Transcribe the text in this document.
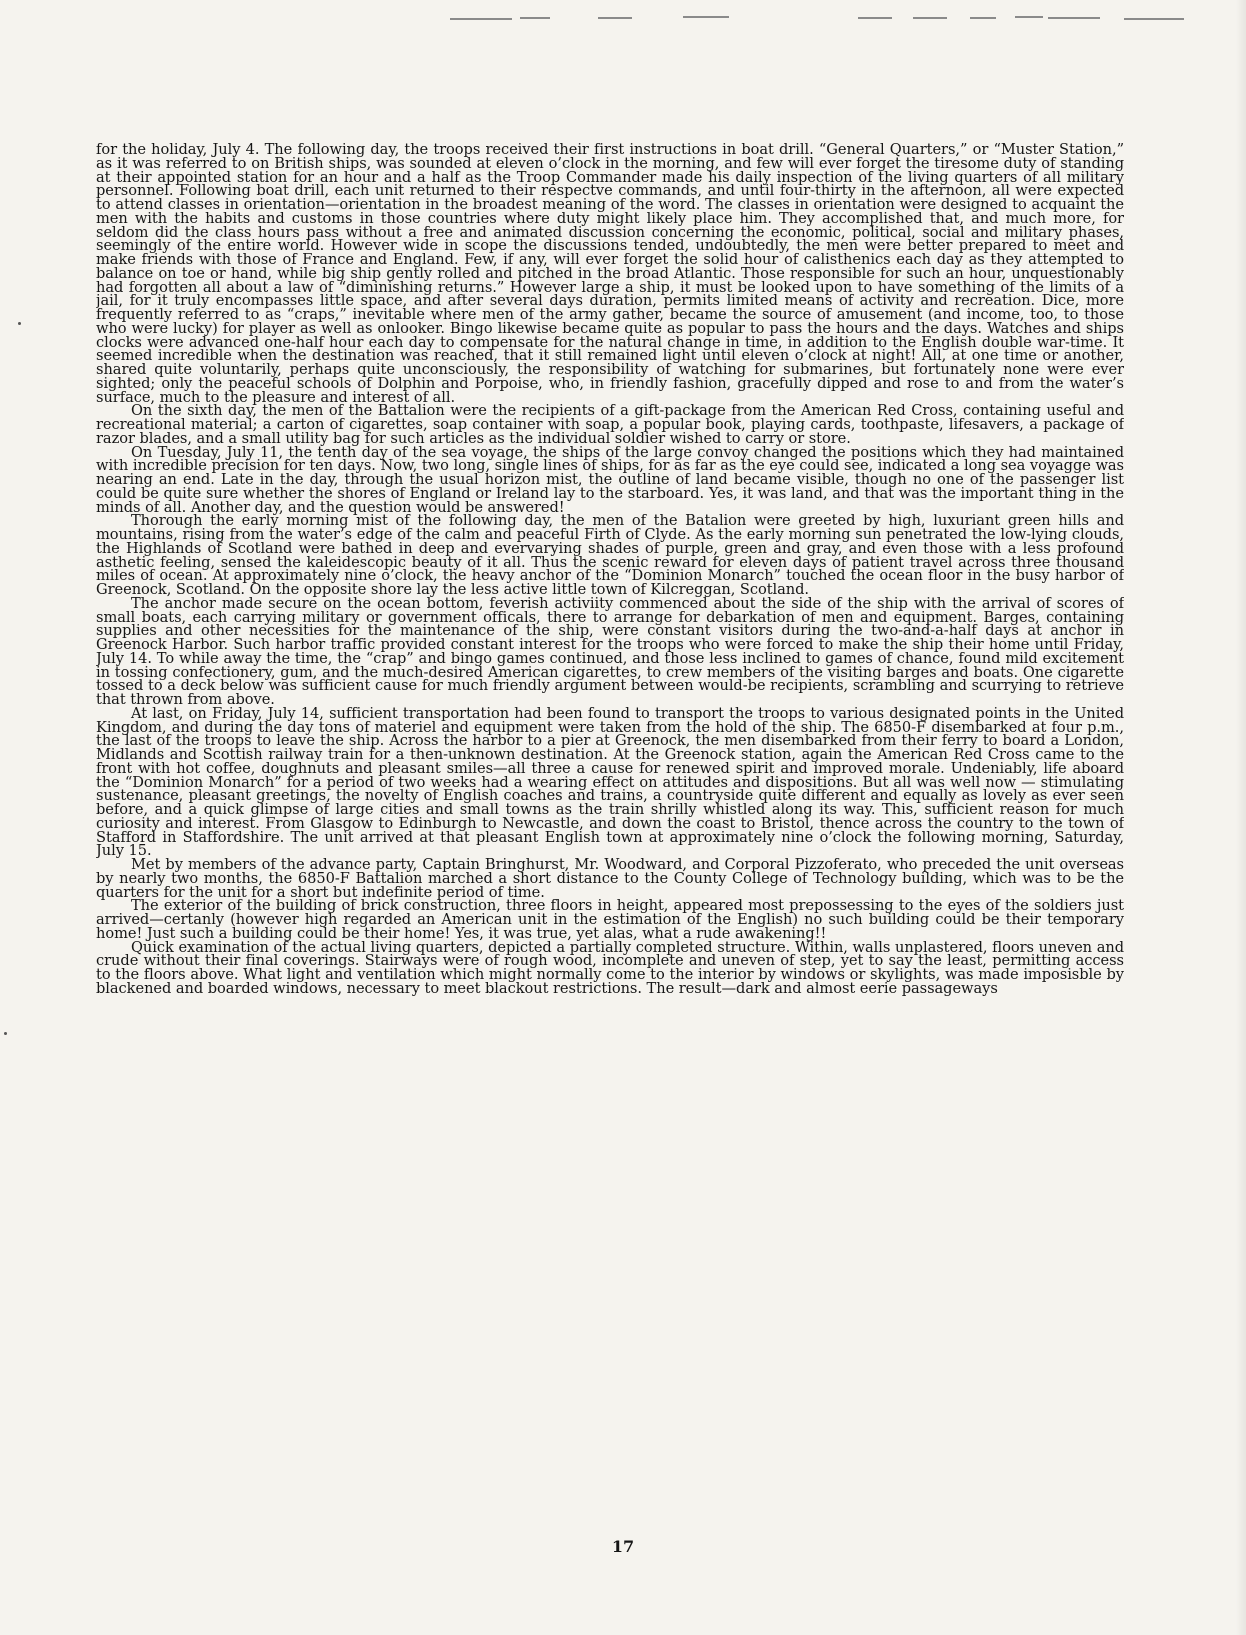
for the holiday, July 4. The following day, the troops received their first instructions in boat drill. “General Quarters,” or “Muster Station,” as it was referred to on British ships, was sounded at eleven o’clock in the morning, and few will ever forget the tiresome duty of standing at their appointed station for an hour and a half as the Troop Commander made his daily inspection of the living quarters of all military personnel. Following boat drill, each unit returned to their respectve commands, and until four-thirty in the afternoon, all were expected to attend classes in orientation—orientation in the broadest meaning of the word. The classes in orientation were designed to acquaint the men with the habits and customs in those countries where duty might likely place him. They accomplished that, and much more, for seldom did the class hours pass without a free and animated discussion concerning the economic, political, social and military phases, seemingly of the entire world. However wide in scope the discussions tended, undoubtedly, the men were better prepared to meet and make friends with those of France and England. Few, if any, will ever forget the solid hour of calisthenics each day as they attempted to balance on toe or hand, while big ship gently rolled and pitched in the broad Atlantic. Those responsible for such an hour, unquestionably had forgotten all about a law of “diminishing returns.” However large a ship, it must be looked upon to have something of the limits of a jail, for it truly encompasses little space, and after several days duration, permits limited means of activity and recreation. Dice, more frequently referred to as “craps,” inevitable where men of the army gather, became the source of amusement (and income, too, to those who were lucky) for player as well as onlooker. Bingo likewise became quite as popular to pass the hours and the days. Watches and ships clocks were advanced one-half hour each day to compensate for the natural change in time, in addition to the English double war-time. It seemed incredible when the destination was reached, that it still remained light until eleven o’clock at night! All, at one time or another, shared quite voluntarily, perhaps quite unconsciously, the responsibility of watching for submarines, but fortunately none were ever sighted; only the peaceful schools of Dolphin and Porpoise, who, in friendly fashion, gracefully dipped and rose to and from the water’s surface, much to the pleasure and interest of all.

On the sixth day, the men of the Battalion were the recipients of a gift-package from the American Red Cross, containing useful and recreational material; a carton of cigarettes, soap container with soap, a popular book, playing cards, toothpaste, lifesavers, a package of razor blades, and a small utility bag for such articles as the individual soldier wished to carry or store.

On Tuesday, July 11, the tenth day of the sea voyage, the ships of the large convoy changed the positions which they had maintained with incredible precision for ten days. Now, two long, single lines of ships, for as far as the eye could see, indicated a long sea voyagge was nearing an end. Late in the day, through the usual horizon mist, the outline of land became visible, though no one of the passenger list could be quite sure whether the shores of England or Ireland lay to the starboard. Yes, it was land, and that was the important thing in the minds of all. Another day, and the question would be answered!

Thorough the early morning mist of the following day, the men of the Batalion were greeted by high, luxuriant green hills and mountains, rising from the water’s edge of the calm and peaceful Firth of Clyde. As the early morning sun penetrated the low-lying clouds, the Highlands of Scotland were bathed in deep and evervarying shades of purple, green and gray, and even those with a less profound asthetic feeling, sensed the kaleidescopic beauty of it all. Thus the scenic reward for eleven days of patient travel across three thousand miles of ocean. At approximately nine o’clock, the heavy anchor of the “Dominion Monarch” touched the ocean floor in the busy harbor of Greenock, Scotland. On the opposite shore lay the less active little town of Kilcreggan, Scotland.

The anchor made secure on the ocean bottom, feverish activiity commenced about the side of the ship with the arrival of scores of small boats, each carrying military or government officals, there to arrange for debarkation of men and equipment. Barges, containing supplies and other necessities for the maintenance of the ship, were constant visitors during the two-and-a-half days at anchor in Greenock Harbor. Such harbor traffic provided constant interest for the troops who were forced to make the ship their home until Friday, July 14. To while away the time, the “crap” and bingo games continued, and those less inclined to games of chance, found mild excitement in tossing confectionery, gum, and the much-desired American cigarettes, to crew members of the visiting barges and boats. One cigarette tossed to a deck below was sufficient cause for much friendly argument between would-be recipients, scrambling and scurrying to retrieve that thrown from above.

At last, on Friday, July 14, sufficient transportation had been found to transport the troops to various designated points in the United Kingdom, and during the day tons of materiel and equipment were taken from the hold of the ship. The 6850-F disembarked at four p.m., the last of the troops to leave the ship. Across the harbor to a pier at Greenock, the men disembarked from their ferry to board a London, Midlands and Scottish railway train for a then-unknown destination. At the Greenock station, again the American Red Cross came to the front with hot coffee, doughnuts and pleasant smiles—all three a cause for renewed spirit and improved morale. Undeniably, life aboard the “Dominion Monarch” for a period of two weeks had a wearing effect on attitudes and dispositions. But all was well now — stimulating sustenance, pleasant greetings, the novelty of English coaches and trains, a countryside quite different and equally as lovely as ever seen before, and a quick glimpse of large cities and small towns as the train shrilly whistled along its way. This, sufficient reason for much curiosity and interest. From Glasgow to Edinburgh to Newcastle, and down the coast to Bristol, thence across the country to the town of Stafford in Staffordshire. The unit arrived at that pleasant English town at approximately nine o’clock the following morning, Saturday, July 15.

Met by members of the advance party, Captain Bringhurst, Mr. Woodward, and Corporal Pizzoferato, who preceded the unit overseas by nearly two months, the 6850-F Battalion marched a short distance to the County College of Technology building, which was to be the quarters for the unit for a short but indefinite period of time.

The exterior of the building of brick construction, three floors in height, appeared most prepossessing to the eyes of the soldiers just arrived—certanly (however high regarded an American unit in the estimation of the English) no such building could be their temporary home! Just such a building could be their home! Yes, it was true, yet alas, what a rude awakening!!

Quick examination of the actual living quarters, depicted a partially completed structure. Within, walls unplastered, floors uneven and crude without their final coverings. Stairways were of rough wood, incomplete and uneven of step, yet to say the least, permitting access to the floors above. What light and ventilation which might normally come to the interior by windows or skylights, was made imposisble by blackened and boarded windows, necessary to meet blackout restrictions. The result—dark and almost eerie passageways

17
